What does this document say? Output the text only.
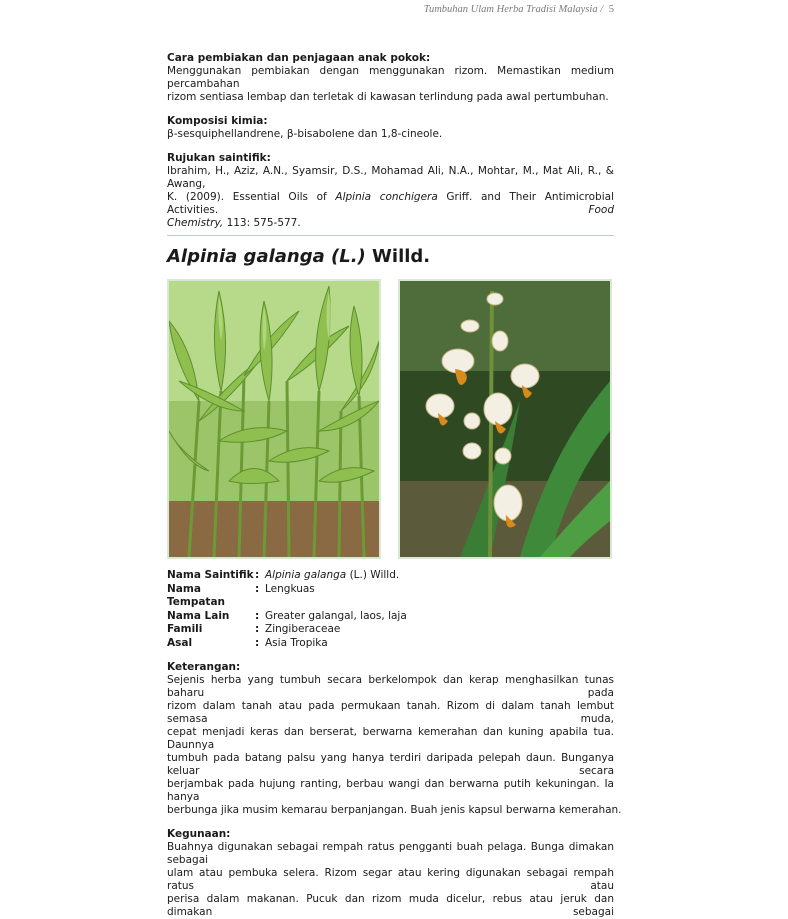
Tumbuhan Ulam Herba Tradisi Malaysia / 5
Cara pembiakan dan penjagaan anak pokok:
Menggunakan pembiakan dengan menggunakan rizom. Memastikan medium percambahan
rizom sentiasa lembap dan terletak di kawasan terlindung pada awal pertumbuhan.
Komposisi kimia:
β-sesquiphellandrene, β-bisabolene dan 1,8-cineole.
Rujukan saintifik:
Ibrahim, H., Aziz, A.N., Syamsir, D.S., Mohamad Ali, N.A., Mohtar, M., Mat Ali, R., & Awang,
K. (2009). Essential Oils of Alpinia conchigera Griff. and Their Antimicrobial Activities. Food
Chemistry, 113: 575-577.
Alpinia galanga (L.) Willd.
Nama Saintifik : Alpinia galanga (L.) Willd.
Nama Tempatan
: Lengkuas
Nama Lain	: Greater galangal, laos, laja
Famili	: Zingiberaceae
Asal	: Asia Tropika
Keterangan:
Sejenis herba yang tumbuh secara berkelompok dan kerap menghasilkan tunas baharu pada
rizom dalam tanah atau pada permukaan tanah. Rizom di dalam tanah lembut semasa muda,
cepat menjadi keras dan berserat, berwarna kemerahan dan kuning apabila tua. Daunnya
tumbuh pada batang palsu yang hanya terdiri daripada pelepah daun. Bunganya keluar secara
berjambak pada hujung ranting, berbau wangi dan berwarna putih kekuningan. Ia hanya
berbunga jika musim kemarau berpanjangan. Buah jenis kapsul berwarna kemerahan.
Kegunaan:
Buahnya digunakan sebagai rempah ratus pengganti buah pelaga. Bunga dimakan sebagai
ulam atau pembuka selera. Rizom segar atau kering digunakan sebagai rempah ratus atau
perisa dalam makanan. Pucuk dan rizom muda dicelur, rebus atau jeruk dan dimakan sebagai
